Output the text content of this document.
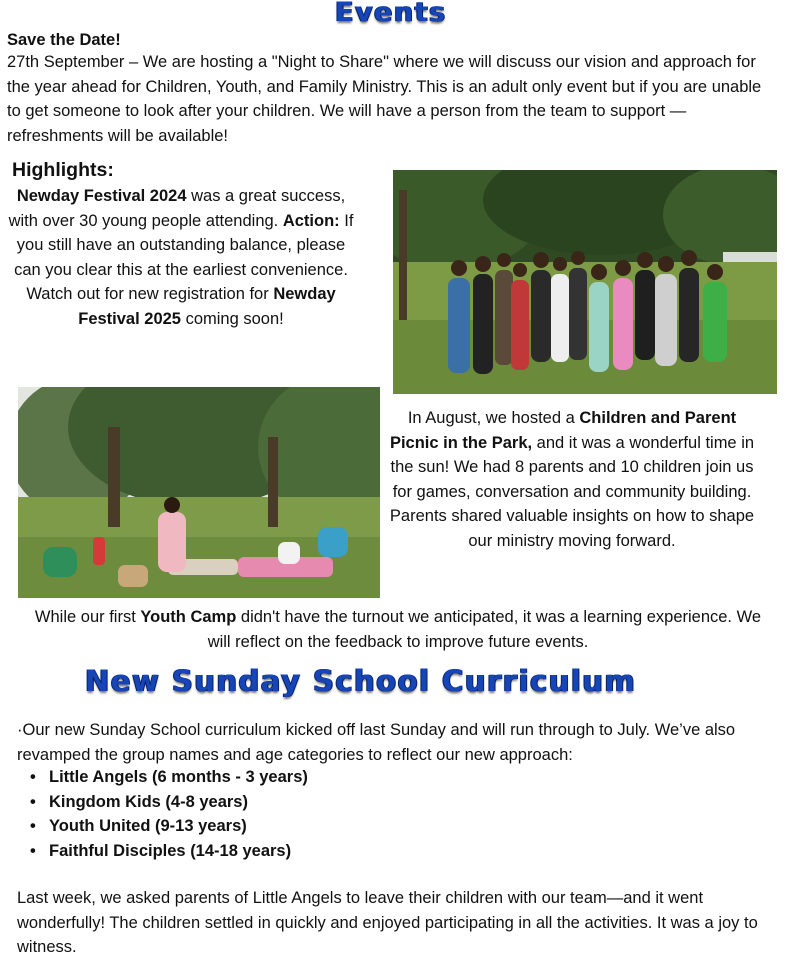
Events
Save the Date!
27th September – We are hosting a "Night to Share" where we will discuss our vision and approach for the year ahead for Children, Youth, and Family Ministry. This is an adult only event but if you are unable to get someone to look after your children. We will have a person from the team to support —refreshments will be available!
Highlights:
Newday Festival 2024 was a great success, with over 30 young people attending. Action: If you still have an outstanding balance, please can you clear this at the earliest convenience. Watch out for new registration for Newday Festival 2025 coming soon!
In August, we hosted a Children and Parent Picnic in the Park, and it was a wonderful time in the sun! We had 8 parents and 10 children join us for games, conversation and community building. Parents shared valuable insights on how to shape our ministry moving forward.
While our first Youth Camp didn't have the turnout we anticipated, it was a learning experience. We will reflect on the feedback to improve future events.
New Sunday School Curriculum
·Our new Sunday School curriculum kicked off last Sunday and will run through to July. We’ve also revamped the group names and age categories to reflect our new approach:
• Little Angels (6 months - 3 years)
• Kingdom Kids (4-8 years)
• Youth United (9-13 years)
• Faithful Disciples (14-18 years)
Last week, we asked parents of Little Angels to leave their children with our team—and it went wonderfully! The children settled in quickly and enjoyed participating in all the activities. It was a joy to witness.
